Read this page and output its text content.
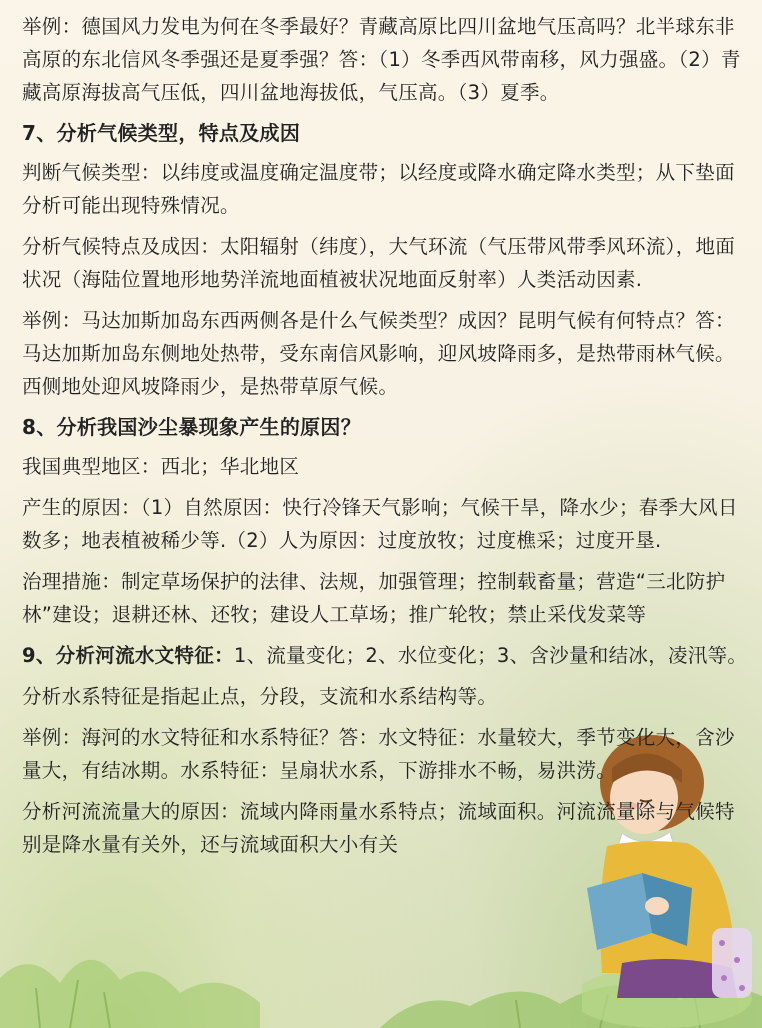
举例：德国风力发电为何在冬季最好？青藏高原比四川盆地气压高吗？北半球东非高原的东北信风冬季强还是夏季强？答：（1）冬季西风带南移，风力强盛。（2）青藏高原海拔高气压低，四川盆地海拔低，气压高。（3）夏季。

7、分析气候类型，特点及成因

判断气候类型：以纬度或温度确定温度带；以经度或降水确定降水类型；从下垫面分析可能出现特殊情况。

分析气候特点及成因：太阳辐射（纬度），大气环流（气压带风带季风环流），地面状况（海陆位置地形地势洋流地面植被状况地面反射率）人类活动因素.

举例：马达加斯加岛东西两侧各是什么气候类型？成因？昆明气候有何特点？答：马达加斯加岛东侧地处热带，受东南信风影响，迎风坡降雨多，是热带雨林气候。西侧地处迎风坡降雨少，是热带草原气候。

8、分析我国沙尘暴现象产生的原因？

我国典型地区：西北；华北地区

产生的原因：（1）自然原因：快行冷锋天气影响；气候干旱，降水少；春季大风日数多；地表植被稀少等.（2）人为原因：过度放牧；过度樵采；过度开垦.

治理措施：制定草场保护的法律、法规，加强管理；控制载畜量；营造“三北防护林”建设；退耕还林、还牧；建设人工草场；推广轮牧；禁止采伐发菜等

9、分析河流水文特征：1、流量变化；2、水位变化；3、含沙量和结冰，凌汛等。

分析水系特征是指起止点，分段，支流和水系结构等。

举例：海河的水文特征和水系特征？答：水文特征：水量较大，季节变化大，含沙量大，有结冰期。水系特征：呈扇状水系，下游排水不畅，易洪涝。

分析河流流量大的原因：流域内降雨量水系特点；流域面积。河流流量除与气候特别是降水量有关外，还与流域面积大小有关
